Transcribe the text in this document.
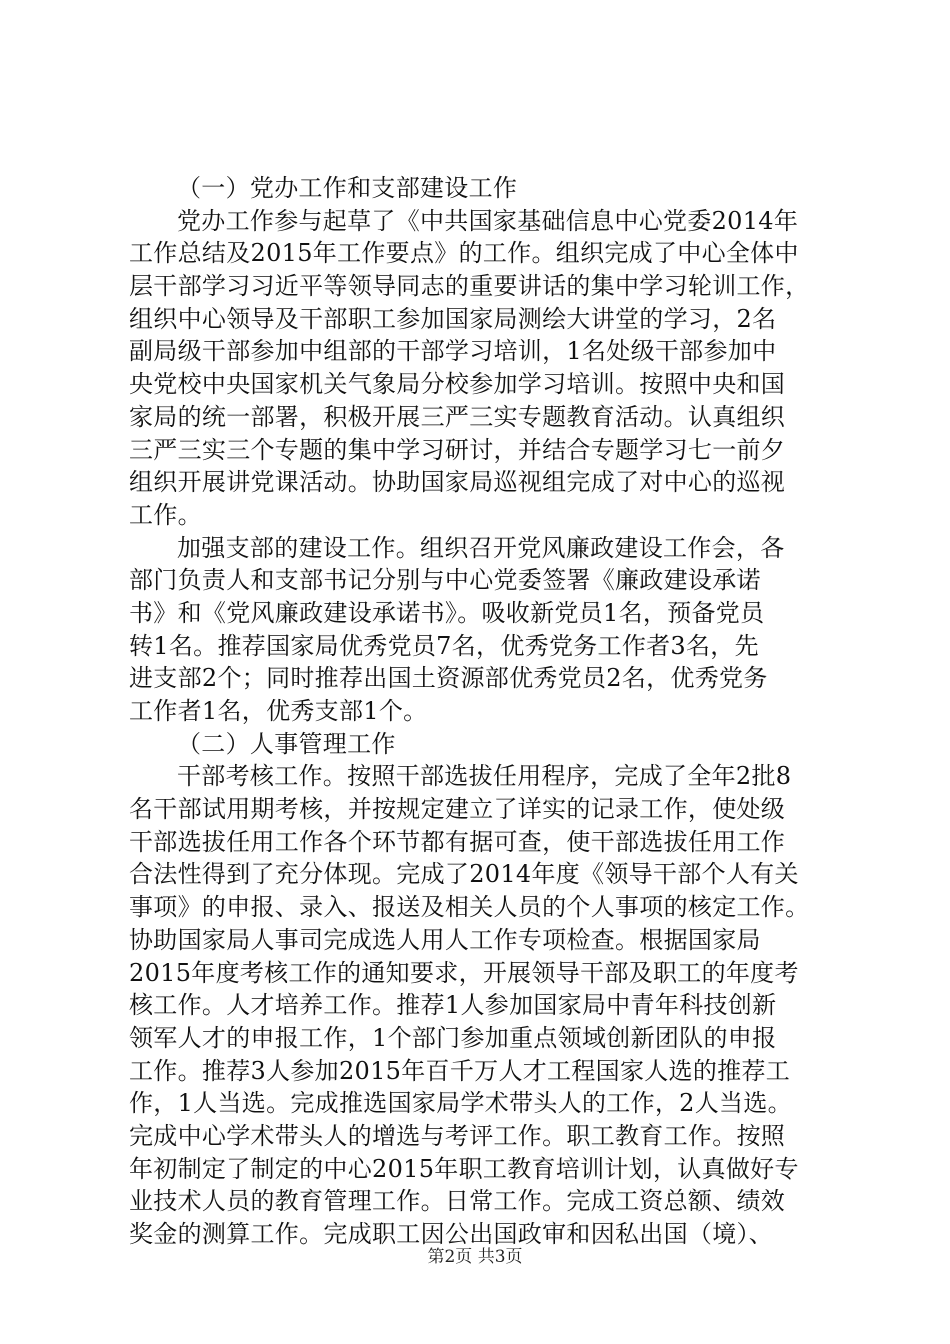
（一）党办工作和支部建设工作
党办工作参与起草了《中共国家基础信息中心党委2014年
工作总结及2015年工作要点》的工作。组织完成了中心全体中
层干部学习习近平等领导同志的重要讲话的集中学习轮训工作，
组织中心领导及干部职工参加国家局测绘大讲堂的学习，2名
副局级干部参加中组部的干部学习培训，1名处级干部参加中
央党校中央国家机关气象局分校参加学习培训。按照中央和国
家局的统一部署，积极开展三严三实专题教育活动。认真组织
三严三实三个专题的集中学习研讨，并结合专题学习七一前夕
组织开展讲党课活动。协助国家局巡视组完成了对中心的巡视
工作。
加强支部的建设工作。组织召开党风廉政建设工作会，各
部门负责人和支部书记分别与中心党委签署《廉政建设承诺
书》和《党风廉政建设承诺书》。吸收新党员1名，预备党员
转1名。推荐国家局优秀党员7名，优秀党务工作者3名，先
进支部2个；同时推荐出国土资源部优秀党员2名，优秀党务
工作者1名，优秀支部1个。
（二）人事管理工作
干部考核工作。按照干部选拔任用程序，完成了全年2批8
名干部试用期考核，并按规定建立了详实的记录工作，使处级
干部选拔任用工作各个环节都有据可查，使干部选拔任用工作
合法性得到了充分体现。完成了2014年度《领导干部个人有关
事项》的申报、录入、报送及相关人员的个人事项的核定工作。
协助国家局人事司完成选人用人工作专项检查。根据国家局
2015年度考核工作的通知要求，开展领导干部及职工的年度考
核工作。人才培养工作。推荐1人参加国家局中青年科技创新
领军人才的申报工作，1个部门参加重点领域创新团队的申报
工作。推荐3人参加2015年百千万人才工程国家人选的推荐工
作，1人当选。完成推选国家局学术带头人的工作，2人当选。
完成中心学术带头人的增选与考评工作。职工教育工作。按照
年初制定了制定的中心2015年职工教育培训计划，认真做好专
业技术人员的教育管理工作。日常工作。完成工资总额、绩效
奖金的测算工作。完成职工因公出国政审和因私出国（境）、
第2页 共3页
